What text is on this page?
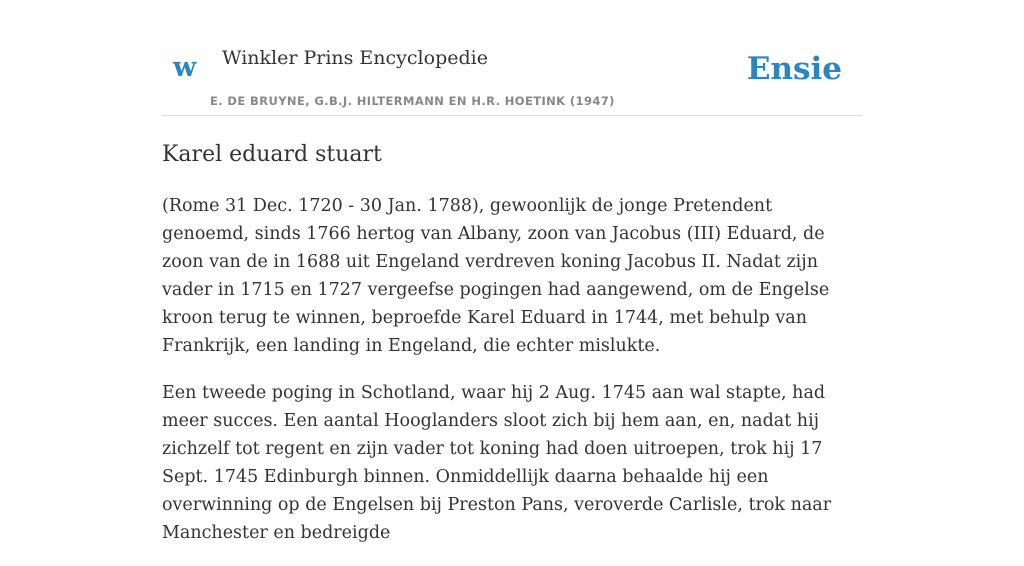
w Winkler Prins Encyclopedie
E. DE BRUYNE, G.B.J. HILTERMANN EN H.R. HOETINK (1947)
Ensie
Karel eduard stuart

(Rome 31 Dec. 1720 - 30 Jan. 1788), gewoonlijk de jonge Pretendent genoemd, sinds 1766 hertog van Albany, zoon van Jacobus (III) Eduard, de zoon van de in 1688 uit Engeland verdreven koning Jacobus II. Nadat zijn vader in 1715 en 1727 vergeefse pogingen had aangewend, om de Engelse kroon terug te winnen, beproefde Karel Eduard in 1744, met behulp van Frankrijk, een landing in Engeland, die echter mislukte.

Een tweede poging in Schotland, waar hij 2 Aug. 1745 aan wal stapte, had meer succes. Een aantal Hooglanders sloot zich bij hem aan, en, nadat hij zichzelf tot regent en zijn vader tot koning had doen uitroepen, trok hij 17 Sept. 1745 Edinburgh binnen. Onmiddellijk daarna behaalde hij een overwinning op de Engelsen bij Preston Pans, veroverde Carlisle, trok naar Manchester en bedreigde
